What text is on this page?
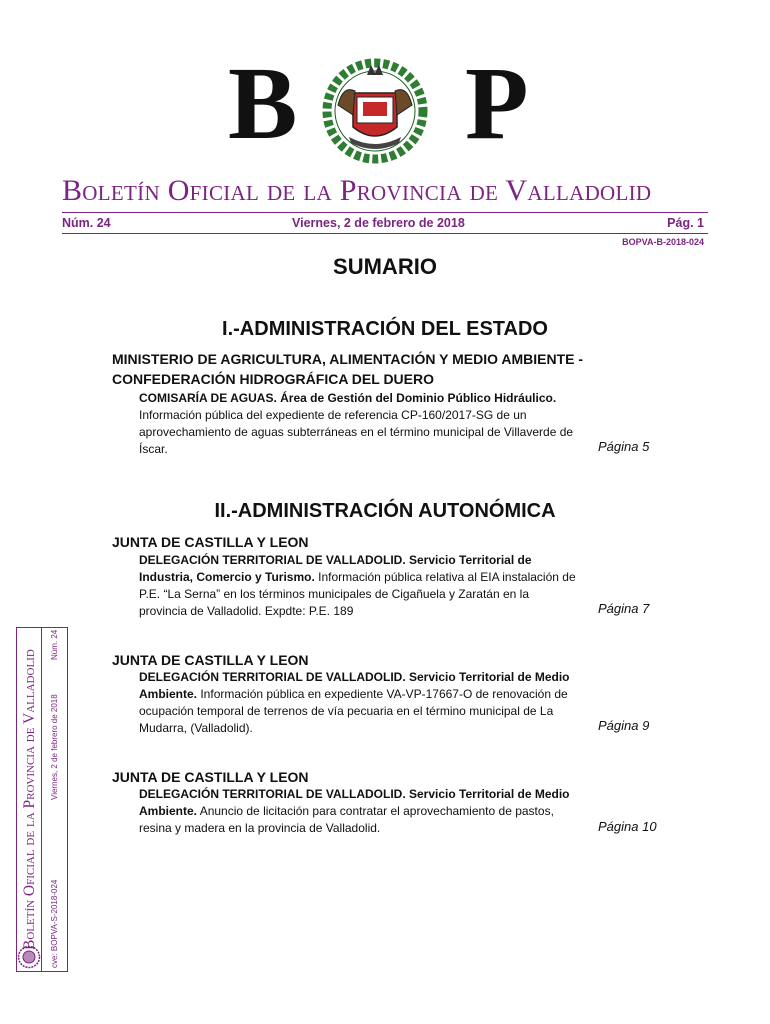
B P
Boletín Oficial de la Provincia de Valladolid
Núm. 24	Viernes, 2 de febrero de 2018	Pág. 1
BOPVA-B-2018-024
SUMARIO
I.-ADMINISTRACIÓN DEL ESTADO
MINISTERIO DE AGRICULTURA, ALIMENTACIÓN Y MEDIO AMBIENTE -
CONFEDERACIÓN HIDROGRÁFICA DEL DUERO
COMISARÍA DE AGUAS. Área de Gestión del Dominio Público Hidráulico. Información pública del expediente de referencia CP-160/2017-SG de un aprovechamiento de aguas subterráneas en el término municipal de Villaverde de Íscar.	Página 5
II.-ADMINISTRACIÓN AUTONÓMICA
JUNTA DE CASTILLA Y LEON
DELEGACIÓN TERRITORIAL DE VALLADOLID. Servicio Territorial de Industria, Comercio y Turismo. Información pública relativa al EIA instalación de P.E. “La Serna” en los términos municipales de Cigañuela y Zaratán en la provincia de Valladolid. Expdte: P.E. 189	Página 7
JUNTA DE CASTILLA Y LEON
DELEGACIÓN TERRITORIAL DE VALLADOLID. Servicio Territorial de Medio Ambiente. Información pública en expediente VA-VP-17667-O de renovación de ocupación temporal de terrenos de vía pecuaria en el término municipal de La Mudarra, (Valladolid).	Página 9
JUNTA DE CASTILLA Y LEON
DELEGACIÓN TERRITORIAL DE VALLADOLID. Servicio Territorial de Medio Ambiente. Anuncio de licitación para contratar el aprovechamiento de pastos, resina y madera en la provincia de Valladolid.	Página 10
Boletín Oficial de la Provincia de Valladolid cve: BOPVA-S-2018-024
Viernes, 2 de febrero de 2018
Núm. 24
